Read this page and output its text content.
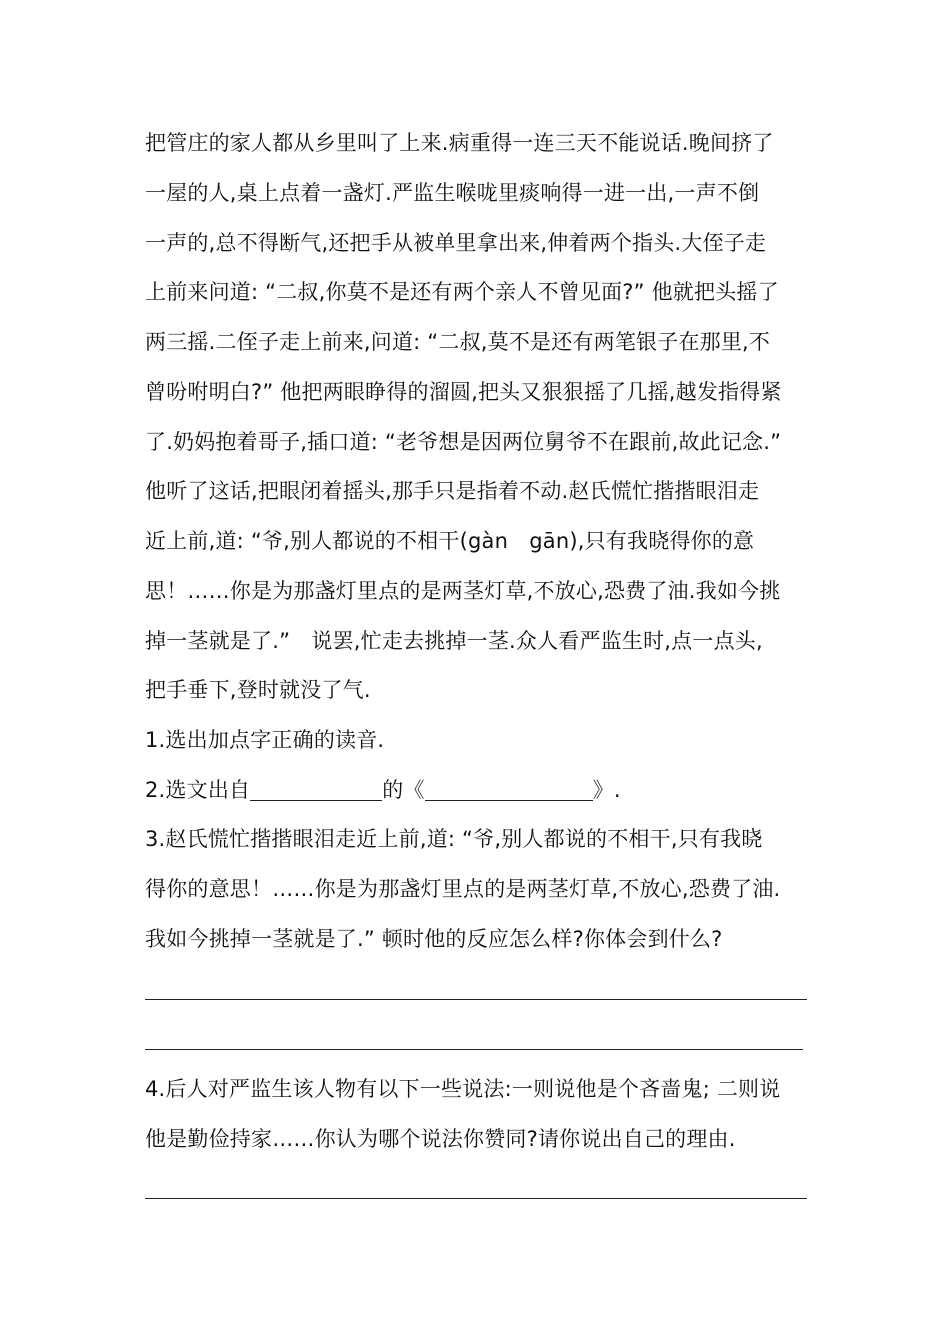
把管庄的家人都从乡里叫了上来.病重得一连三天不能说话.晚间挤了
一屋的人,桌上点着一盏灯.严监生喉咙里痰响得一进一出,一声不倒
一声的,总不得断气,还把手从被单里拿出来,伸着两个指头.大侄子走
上前来问道: “二叔,你莫不是还有两个亲人不曾见面?” 他就把头摇了
两三摇.二侄子走上前来,问道: “二叔,莫不是还有两笔银子在那里,不
曾吩咐明白?” 他把两眼睁得的溜圆,把头又狠狠摇了几摇,越发指得紧
了.奶妈抱着哥子,插口道: “老爷想是因两位舅爷不在跟前,故此记念.”
他听了这话,把眼闭着摇头,那手只是指着不动.赵氏慌忙揩揩眼泪走
近上前,道: “爷,别人都说的不相干(gàn　gān),只有我晓得你的意
思！……你是为那盏灯里点的是两茎灯草,不放心,恐费了油.我如今挑
掉一茎就是了.”　说罢,忙走去挑掉一茎.众人看严监生时,点一点头,
把手垂下,登时就没了气.
1.选出加点字正确的读音.
2.选文出自	的《	》.
3.赵氏慌忙揩揩眼泪走近上前,道: “爷,别人都说的不相干,只有我晓
得你的意思！……你是为那盏灯里点的是两茎灯草,不放心,恐费了油.
我如今挑掉一茎就是了.” 顿时他的反应怎么样?你体会到什么?
4.后人对严监生该人物有以下一些说法:一则说他是个吝啬鬼; 二则说
他是勤俭持家……你认为哪个说法你赞同?请你说出自己的理由.
